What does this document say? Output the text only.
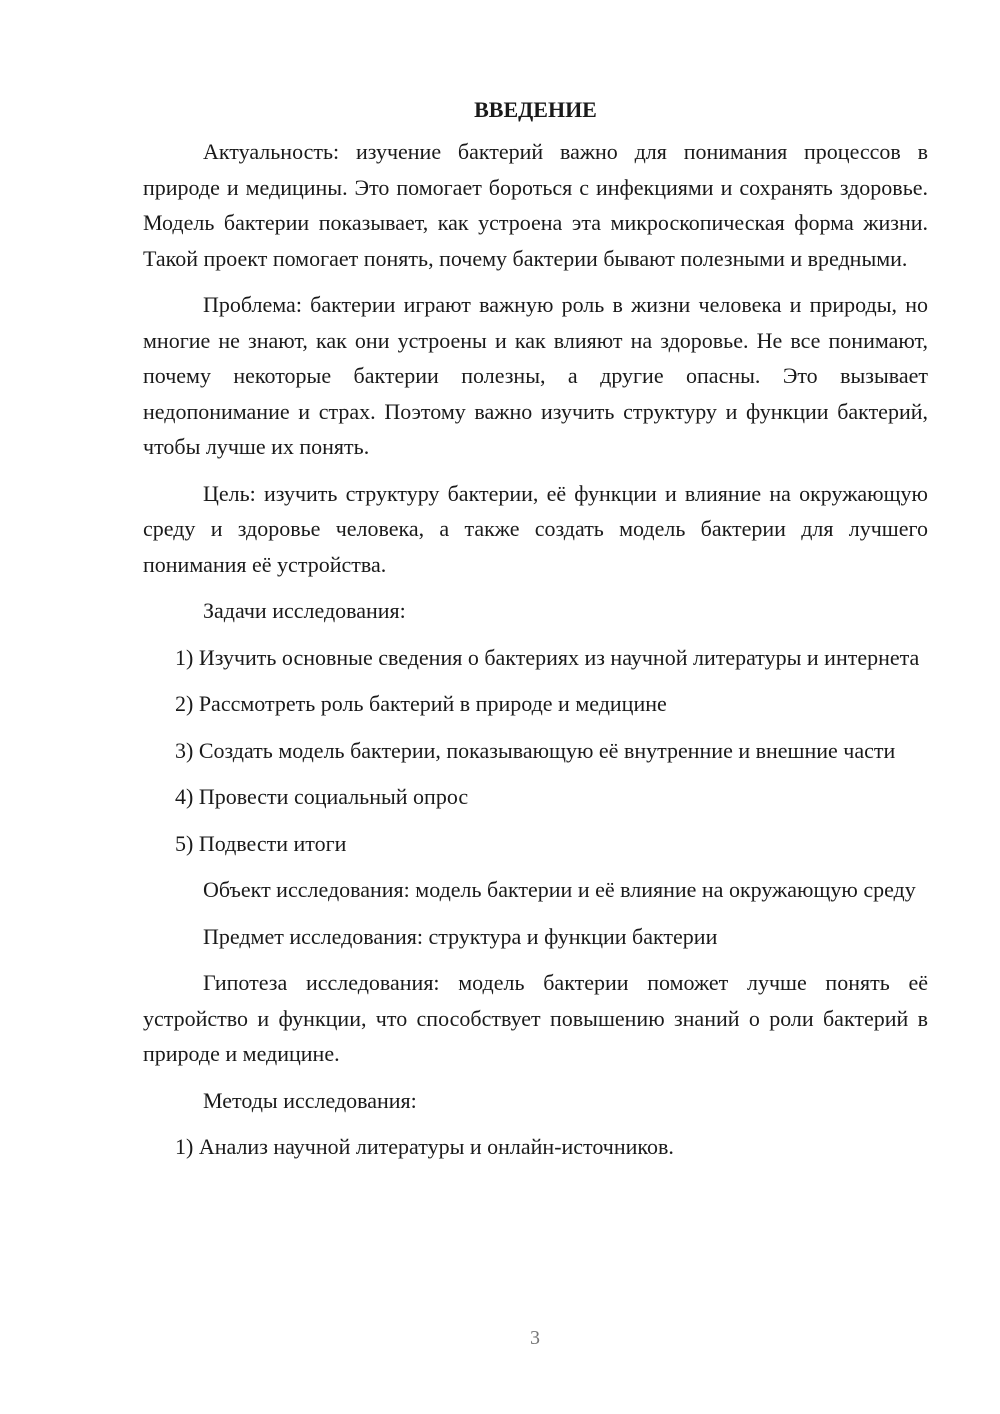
ВВЕДЕНИЕ
Актуальность: изучение бактерий важно для понимания процессов в природе и медицины. Это помогает бороться с инфекциями и сохранять здоровье. Модель бактерии показывает, как устроена эта микроскопическая форма жизни. Такой проект помогает понять, почему бактерии бывают полезными и вредными.
Проблема: бактерии играют важную роль в жизни человека и природы, но многие не знают, как они устроены и как влияют на здоровье. Не все понимают, почему некоторые бактерии полезны, а другие опасны. Это вызывает недопонимание и страх. Поэтому важно изучить структуру и функции бактерий, чтобы лучше их понять.
Цель: изучить структуру бактерии, её функции и влияние на окружающую среду и здоровье человека, а также создать модель бактерии для лучшего понимания её устройства.
Задачи исследования:
1) Изучить основные сведения о бактериях из научной литературы и интернета
2) Рассмотреть роль бактерий в природе и медицине
3) Создать модель бактерии, показывающую её внутренние и внешние части
4) Провести социальный опрос
5) Подвести итоги
Объект исследования: модель бактерии и её влияние на окружающую среду
Предмет исследования: структура и функции бактерии
Гипотеза исследования: модель бактерии поможет лучше понять её устройство и функции, что способствует повышению знаний о роли бактерий в природе и медицине.
Методы исследования:
1) Анализ научной литературы и онлайн-источников.
3
